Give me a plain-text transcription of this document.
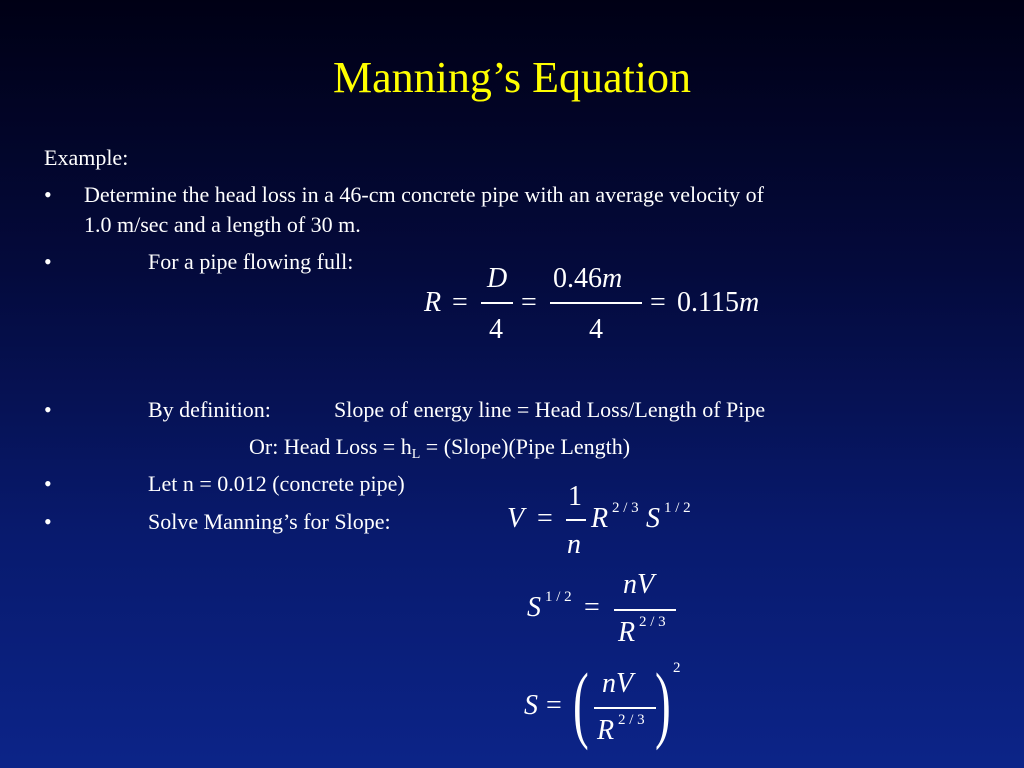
Manning’s Equation
Example:
• Determine the head loss in a 46-cm concrete pipe with an average velocity of
1.0 m/sec and a length of 30 m.
•	For a pipe flowing full:
R =
D
4
=
0.46m
4
= 0.115m
•	By definition:	Slope of energy line = Head Loss/Length of Pipe
Or: Head Loss = $h_L$ = (Slope)(Pipe Length)
•	Let n = 0.012 (concrete pipe)
•	Solve Manning’s for Slope:	V =
1
n
R 2 / 3 S 1 / 2
S 1 / 2 =
nV
R 2 / 3
S = ( nV
R 2 / 3 ) 2
